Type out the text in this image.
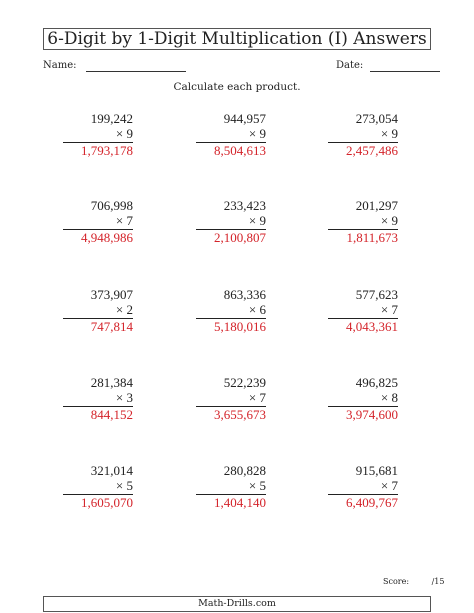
6-Digit by 1-Digit Multiplication (I) Answers
Name:	Date:
Calculate each product.
199,242
× 9
1,793,178
944,957
× 9
8,504,613
273,054
× 9
2,457,486
706,998
× 7
4,948,986
233,423
× 9
2,100,807
201,297
× 9
1,811,673
373,907
× 2
747,814
863,336
× 6
5,180,016
577,623
× 7
4,043,361
281,384
× 3
844,152
522,239
× 7
3,655,673
496,825
× 8
3,974,600
321,014
× 5
1,605,070
280,828
× 5
1,404,140
915,681
× 7
6,409,767
Score:	/15
Math-Drills.com
